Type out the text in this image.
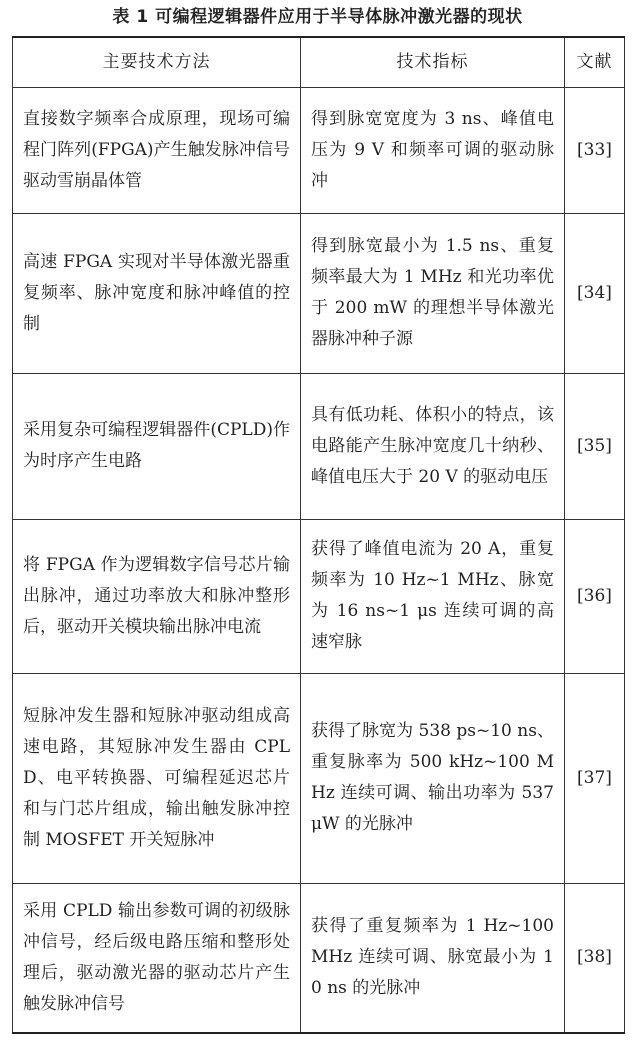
表 1 可编程逻辑器件应用于半导体脉冲激光器的现状
主要技术方法	技术指标	文献
直接数字频率合成原理，现场可编程门阵列(FPGA)产生触发脉冲信号驱动雪崩晶体管	得到脉宽宽度为 3 ns、峰值电压为 9 V 和频率可调的驱动脉冲	[33]
高速 FPGA 实现对半导体激光器重复频率、脉冲宽度和脉冲峰值的控制	得到脉宽最小为 1.5 ns、重复频率最大为 1 MHz 和光功率优于 200 mW 的理想半导体激光器脉冲种子源	[34]
采用复杂可编程逻辑器件(CPLD)作为时序产生电路	具有低功耗、体积小的特点，该电路能产生脉冲宽度几十纳秒、峰值电压大于 20 V 的驱动电压	[35]
将 FPGA 作为逻辑数字信号芯片输出脉冲，通过功率放大和脉冲整形后，驱动开关模块输出脉冲电流	获得了峰值电流为 20 A，重复频率为 10 Hz~1 MHz、脉宽为 16 ns~1 μs 连续可调的高速窄脉	[36]
短脉冲发生器和短脉冲驱动组成高速电路，其短脉冲发生器由 CPLD、电平转换器、可编程延迟芯片和与门芯片组成，输出触发脉冲控制 MOSFET 开关短脉冲	获得了脉宽为 538 ps~10 ns、重复脉率为 500 kHz~100 MHz 连续可调、输出功率为 537 μW 的光脉冲	[37]
采用 CPLD 输出参数可调的初级脉冲信号，经后级电路压缩和整形处理后，驱动激光器的驱动芯片产生触发脉冲信号	获得了重复频率为 1 Hz~100 MHz 连续可调、脉宽最小为 10 ns 的光脉冲	[38]
